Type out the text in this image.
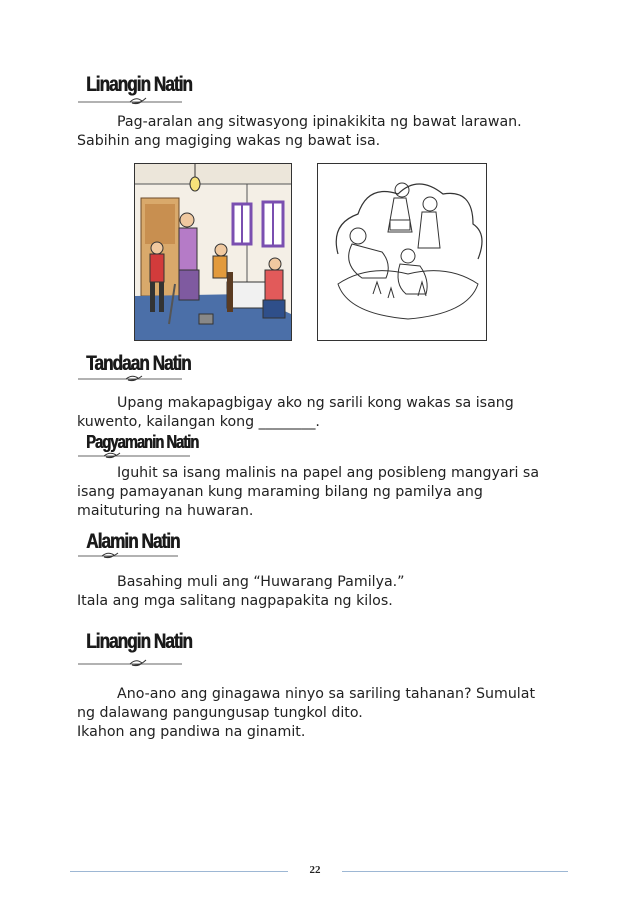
Linangin Natin
Pag-aralan ang sitwasyong ipinakikita ng bawat larawan.
Sabihin ang magiging wakas ng bawat isa.
Tandaan Natin
Upang makapagbigay ako ng sarili kong wakas sa isang
kuwento, kailangan kong ________.
Pagyamanin Natin
Iguhit sa isang malinis na papel ang posibleng mangyari sa
isang pamayanan kung maraming bilang ng pamilya ang
maituturing na huwaran.
Alamin Natin
Basahing muli ang “Huwarang Pamilya.”
Itala ang mga salitang nagpapakita ng kilos.
Linangin Natin
Ano-ano ang ginagawa ninyo sa sariling tahanan? Sumulat
ng dalawang pangungusap tungkol dito.
Ikahon ang pandiwa na ginamit.
22
